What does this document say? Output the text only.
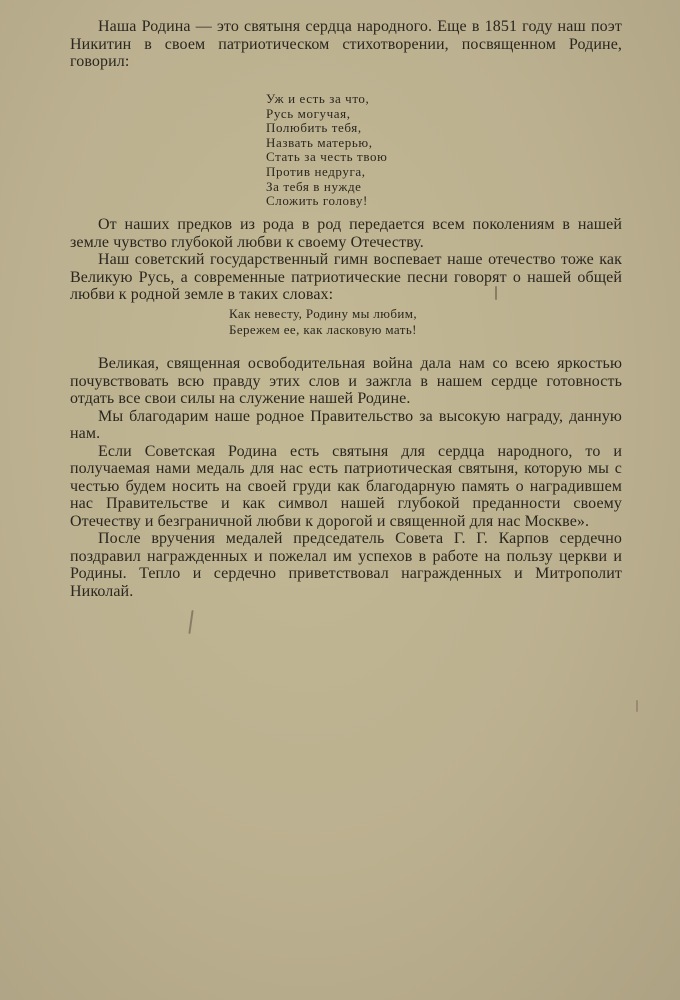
Наша Родина — это святыня сердца народного. Еще в 1851 году наш поэт Никитин в своем патриотическом стихотворении, посвященном Родине, говорил:

Уж и есть за что,
Русь могучая,
Полюбить тебя,
Назвать матерью,
Стать за честь твою
Против недруга,
За тебя в нужде
Сложить голову!

От наших предков из рода в род передается всем поколениям в нашей земле чувство глубокой любви к своему Отечеству.

Наш советский государственный гимн воспевает наше отечество тоже как Великую Русь, а современные патриотические песни говорят о нашей общей любви к родной земле в таких словах:

Как невесту, Родину мы любим,
Бережем ее, как ласковую мать!

Великая, священная освободительная война дала нам со всею яркостью почувствовать всю правду этих слов и зажгла в нашем сердце готовность отдать все свои силы на служение нашей Родине.

Мы благодарим наше родное Правительство за высокую награду, данную нам.

Если Советская Родина есть святыня для сердца народного, то и получаемая нами медаль для нас есть патриотическая святыня, которую мы с честью будем носить на своей груди как благодарную память о наградившем нас Правительстве и как символ нашей глубокой преданности своему Отечеству и безграничной любви к дорогой и священной для нас Москве».

После вручения медалей председатель Совета Г. Г. Карпов сердечно поздравил награжденных и пожелал им успехов в работе на пользу церкви и Родины. Тепло и сердечно приветствовал награжденных и Митрополит Николай.
